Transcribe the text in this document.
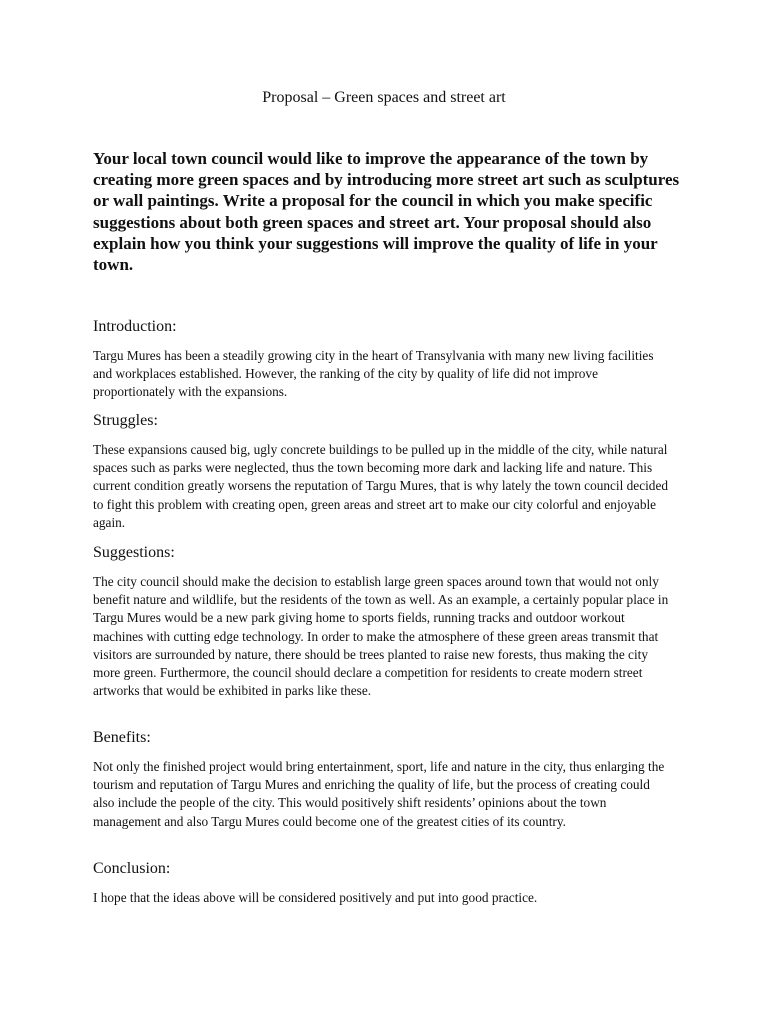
Proposal – Green spaces and street art

Your local town council would like to improve the appearance of the town by creating more green spaces and by introducing more street art such as sculptures or wall paintings. Write a proposal for the council in which you make specific suggestions about both green spaces and street art. Your proposal should also explain how you think your suggestions will improve the quality of life in your town.

Introduction:

Targu Mures has been a steadily growing city in the heart of Transylvania with many new living facilities and workplaces established. However, the ranking of the city by quality of life did not improve proportionately with the expansions.

Struggles:

These expansions caused big, ugly concrete buildings to be pulled up in the middle of the city, while natural spaces such as parks were neglected, thus the town becoming more dark and lacking life and nature. This current condition greatly worsens the reputation of Targu Mures, that is why lately the town council decided to fight this problem with creating open, green areas and street art to make our city colorful and enjoyable again.

Suggestions:

The city council should make the decision to establish large green spaces around town that would not only benefit nature and wildlife, but the residents of the town as well. As an example, a certainly popular place in Targu Mures would be a new park giving home to sports fields, running tracks and outdoor workout machines with cutting edge technology. In order to make the atmosphere of these green areas transmit that visitors are surrounded by nature, there should be trees planted to raise new forests, thus making the city more green. Furthermore, the council should declare a competition for residents to create modern street artworks that would be exhibited in parks like these.

Benefits:

Not only the finished project would bring entertainment, sport, life and nature in the city, thus enlarging the tourism and reputation of Targu Mures and enriching the quality of life, but the process of creating could also include the people of the city. This would positively shift residents’ opinions about the town management and also Targu Mures could become one of the greatest cities of its country.

Conclusion:

I hope that the ideas above will be considered positively and put into good practice.
